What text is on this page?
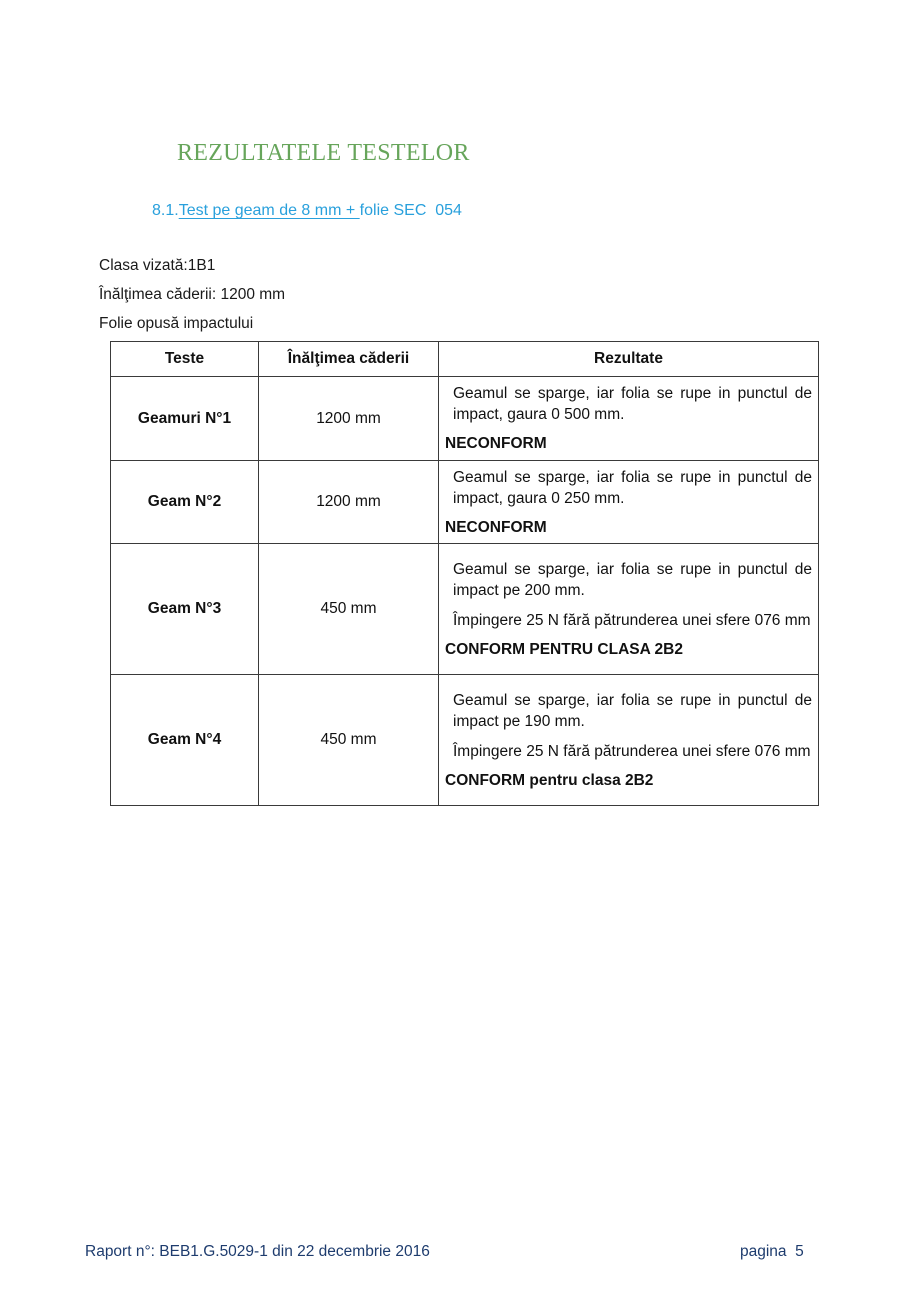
REZULTATELE TESTELOR
8.1.Test pe geam de 8 mm + folie SEC  054
Clasa vizată:1B1
Înălţimea căderii: 1200 mm
Folie opusă impactului
Teste	Înălţimea căderii	Rezultate
Geamuri N°1	1200 mm	Geamul se sparge, iar folia se rupe in punctul de impact, gaura 0 500 mm.

NECONFORM

Geam N°2	1200 mm	Geamul se sparge, iar folia se rupe in punctul de impact, gaura 0 250 mm.

NECONFORM

Geam N°3	450 mm	Geamul se sparge, iar folia se rupe in punctul de impact pe 200 mm.

Împingere 25 N fără pătrunderea unei sfere 076 mm

CONFORM PENTRU CLASA 2B2

Geam N°4	450 mm	Geamul se sparge, iar folia se rupe in punctul de impact pe 190 mm.

Împingere 25 N fără pătrunderea unei sfere 076 mm

CONFORM pentru clasa 2B2
Raport n°: BEB1.G.5029-1 din 22 decembrie 2016	pagina  5
